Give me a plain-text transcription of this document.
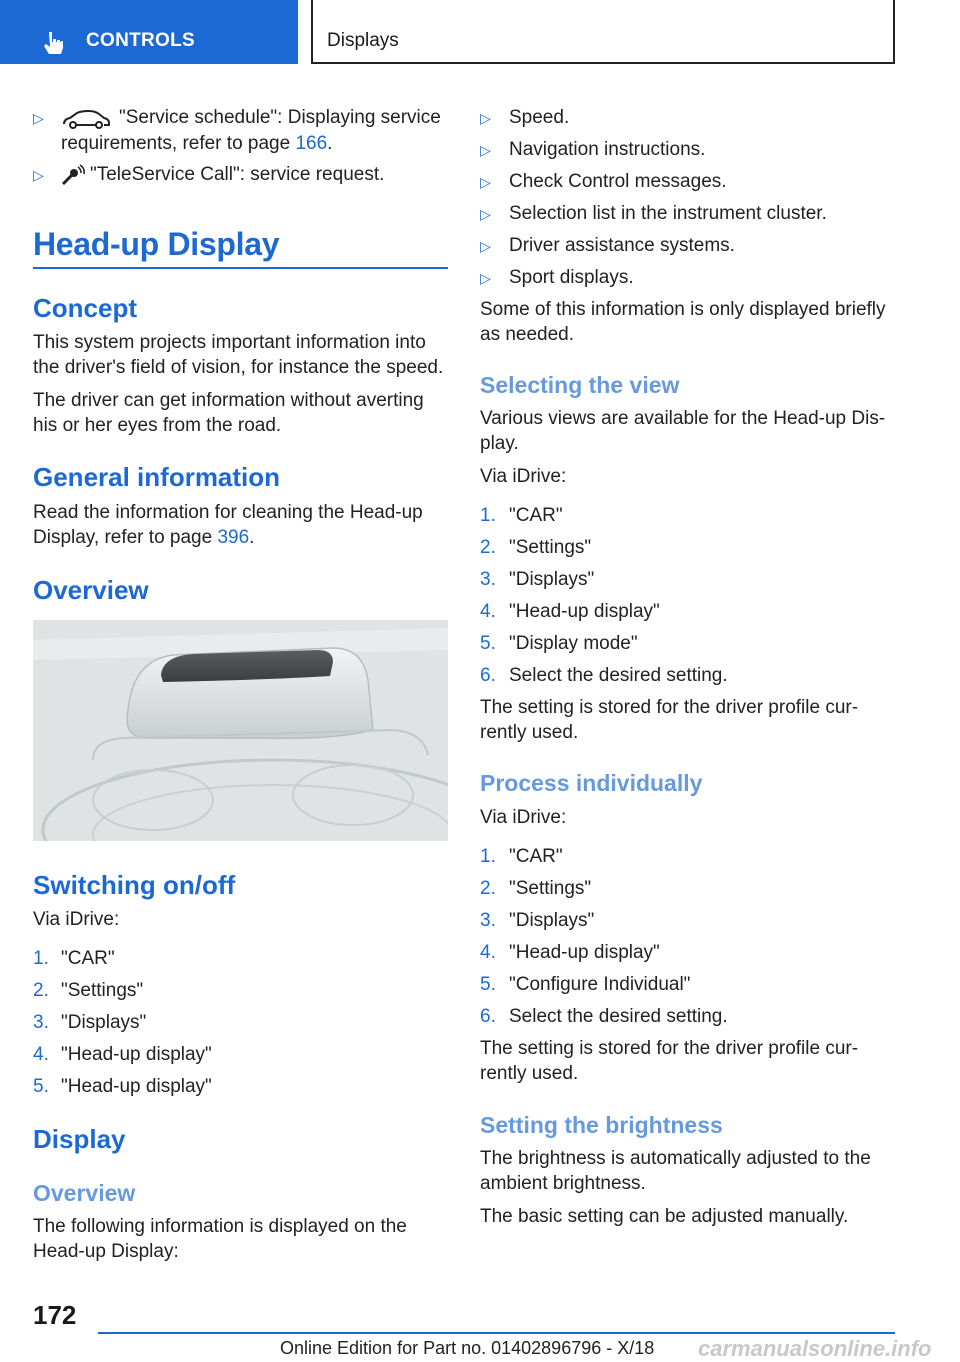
CONTROLS	Displays
▷	"Service schedule": Displaying service
requirements, refer to page 166.
▷ "TeleService Call": service request.
Head-up Display
Concept
This system projects important information into
the driver's field of vision, for instance the speed.
The driver can get information without averting
his or her eyes from the road.
General information
Read the information for cleaning the Head-up
Display, refer to page 396.
Overview
Switching on/off
Via iDrive:
1. "CAR"
2. "Settings"
3. "Displays"
4. "Head-up display"
5. "Head-up display"
Display
Overview
The following information is displayed on the
Head-up Display:
▷ Speed.
▷ Navigation instructions.
▷ Check Control messages.
▷ Selection list in the instrument cluster.
▷ Driver assistance systems.
▷ Sport displays.
Some of this information is only displayed briefly
as needed.
Selecting the view
Various views are available for the Head-up Dis-
play.
Via iDrive:
1. "CAR"
2. "Settings"
3. "Displays"
4. "Head-up display"
5. "Display mode"
6. Select the desired setting.
The setting is stored for the driver profile cur-
rently used.
Process individually
Via iDrive:
1. "CAR"
2. "Settings"
3. "Displays"
4. "Head-up display"
5. "Configure Individual"
6. Select the desired setting.
The setting is stored for the driver profile cur-
rently used.
Setting the brightness
The brightness is automatically adjusted to the
ambient brightness.
The basic setting can be adjusted manually.
172
Online Edition for Part no. 01402896796 - X/18 carmanualsonline.info
